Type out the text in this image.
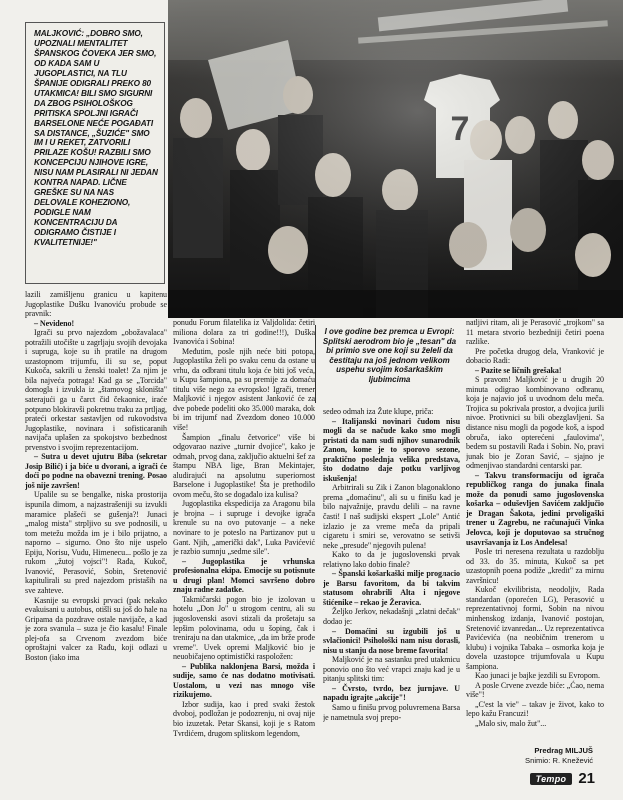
MALJKOVIĆ: „DOBRO SMO, UPOZNALI MENTALITET ŠPANSKOG ČOVEKA JER SMO, OD KADA SAM U JUGOPLASTICI, NA TLU ŠPANIJE ODIGRALI PREKO 80 UTAKMICA! BILI SMO SIGURNI DA ZBOG PSIHOLOŠKOG PRITISKA SPOLJNI IGRAČI BARSELONE NEĆE POGAĐATI SA DISTANCE, „ŠUZIĆE" SMO IM I U REKET, ZATVORILI PRILAZE KOŠU! RAZBILI SMO KONCEPCIJU NJIHOVE IGRE, NISU NAM PLASIRALI NI JEDAN KONTRA NAPAD. LIČNE GREŠKE SU NA NAS DELOVALE KOHEZIONO, PODIGLE NAM KONCENTRACIJU DA ODIGRAMO ČISTIJE I KVALITETNIJE!"

lazili zamišljenu granicu u kapitenu Jugoplastike Dušku Ivanoviću probude se pravnik:

– Nevideno!

Igrači su prvo najezdom „obožavalaca" potražili utočište u zagrljaju svojih devojaka i supruga, koje su ih pratile na drugom uzastopnom trijumfu, ili su se, poput Kukoča, sakrili u ženski toalet! Za njim je bila najveća potraga! Kad ga se „Torcida" domogla i izvukla iz „štamovog skloništa" saterajući ga u čarct čid čekaonice, iraće potpuno blokiravši pokretnu traku za prtljag, prateći orkestar sastavljen od rukovodstva Jugoplastike, novinara i sofisticaranih navijača uplašen za spokojstvo bezbednost prvenstvo i svojim reprezentacijom.

– Sutra u devet ujutru Biba (sekretar Josip Bilić) i ja biće u dvorani, a igrači će doći po podne na obavezni trening. Posao još nije završen!

Upalile su se bengalke, niska prostorija ispunila dimom, a najzastrašeniji su izvukli maramice plašeći se gušenja?! Junaci „malog mista" strpljivo su sve podnosili, u tom metežu možda im je i bilo prijatno, a naporno – sigurno. Ono što nije uspelo Epiju, Norisu, Vudu, Himeneсu... pošlo je za rukom „žutoj vojsci"! Rađa, Kukoč, Ivanović, Perasović, Sobin, Sretenović kapitulirali su pred najezdom pristaših na sve zahteve.

Kasnije su evropski prvaci (pak nekako evakuisani u autobus, otišli su još do hale na Gripama da pozdrave ostale naviјače, a kad je zora svanula – suza je čio kasalu! Finale plej-ofa sa Crvenom zvezdom biće oproštajni valcer za Rađu, koji odlazi u Boston (iako ima

ponudu Forum filatelika iz Valjdolida: četiri miliona dolara za tri godine!!!), Duška Ivanovića i Sobina!

Međutim, posle njih neće biti potopa, Jugoplastika želi po svaku cenu da ostane u vrhu, da odbrani titulu koja će biti još veća, u Kupu šampiona, pa su premije za domaću titulu više nego za evropsko! Igrači, trener Maljković i njegov asistent Janković će za dve pobede podeliti oko 35.000 maraka, dok bi im trijumf nad Zvezdom doneo 10.000 više!

Šampion „finalu četvorice" više bi odgovarao nazive „turnir dvojice", kako je odmah, prvog dana, zaključio aktuelni šef za štampu NBA lige, Bran Mekintajer, aludirajući na apsolutnu superiornost Barselone i Jugoplastike! Šta je prethodilo ovom meču, što se događalo iza kulisa?

Jugoplastika ekspedicija za Aragonu bila je brojna – i supruge i devojke igrača krenule su na ovo putovanje – a neke novinare to je poteslo na Partizanov put u Gant. Njih, „američki dak", Luka Pavićević je razbio sumnju „sedme sile".

– Jugoplastika je vrhunska profesionalna ekipa. Emocije su potisnute u drugi plan! Momci savršeno dobro znaju radne zadatke.

Takmičarski pogon bio je izolovan u hotelu „Don Jo" u strogom centru, ali su jugoslovenski asovi stizali da prošetaju sa lepšim polovinama, odu u šoping, čak i treniraju na dan utakmice, „da im brže prođe vreme". Uvek opremi Maljković bio je neuobičajeno optimistički raspoložen:

– Publika naklonjena Barsi, možda i sudije, samo će nas dodatno motivisati. Uostalom, u vezi nas mnogo više rizikujemo.

Izbor sudija, kao i pred svaki žestok dvoboj, podložan je podozrenju, ni ovaj nije bio izuzetak. Petar Skansi, koji je s Ratom Tvrdićem, drugom splitskom legendom,

I ove godine bez premca u Evropi: Splitski aerodrom bio je „tesan" da bi primio sve one koji su želeli da čestitaju na još jednom velikom uspehu svojim košarkaškim ljubimcima

sedeo odmah iza Žute klupe, priča:

– Italijanski novinari čudom nisu mogli da se načude kako smo mogli pristati da nam sudi njihov sunarodnik Zanon, kome je to sporovo sezone, praktično poslednja velika predstava, što dodatno daje potku varljivog iskušenja!

Arbitrirali su Zik i Zanon blagonaklono prema „domaćinu", ali su u finišu kad je bilo najvažnije, pravdu delili – na ravne časti! I naš sudijski ekspert „Lole" Antić izlazio je za vreme meča da pripali cigaretu i smiri se, verovatno se setivši neke „presude" njegovih pulena!

Kako to da je jugoslovenski prvak relativno lako dobio finale?

– Španski košarkaški milje progласio je Barsu favoritom, da bi takvim statusom ohrabrili Alta i njegove štićenike – rekao je Žeravica.

Željko Jerkov, nekadašnji „zlatni dečak" dodao je:

– Domaćini su izgubili još u svlačionici! Psihološki nam nisu dorasli, nisu u stanju da nose breme favorita!

Maljković je na sastanku pred utakmicu ponovio ono što već vrapci znaju kad je u pitanju splitski tim:

– Čvrsto, tvrdo, bez jurnjave. U napadu igrajte „akcije"!

Samo u finišu prvog poluvremena Barsa je nametnula svoj prepo-

natljivi ritam, ali je Perasović „trojkom" sa 11 metara stvorio bezbedniji četiri poena razlike.

Pre početka drugog dela, Vranković je dobacio Radi:

– Pazite se ličnih grešaka!

S pravom! Maljković je u drugih 20 minuta odigrao kombinovano odbranu, koja je najavio još u uvodnom delu meča. Trojica su pokrivala prostor, a dvojica jurili nivoe. Protivnici su bili obezglavljeni. Sa distance nisu mogli da pogode koš, a ispod obruča, iako opterećeni „faulovima", bedem su postavili Rađa i Sobin. No, pravi junak bio je Zoran Savić, – sjajno je odmenjivao standardni centarski par.

– Takvu transformaciju od igrača republičkog ranga do junaka finala može da ponudi samo jugoslovenska košarka – oduševljen Savićem zaključio je Dragan Šakota, jedini prvoligaški trener u Zagrebu, ne računajući Vinka Jelovca, koji je doputovao sa stručnog usavršavanja iz Los Anđelesa!

Posle tri neresena rezultata u razdoblju od 33. do 35. minuta, Kukoč sa pet uzastopnih poena podiže „kredit" za mirnu završnicu!

Kukoč ekvilibrista, neodoljiv, Rada standardan (oporećen LG), Perasović u reprezentativnoj formi, Sobin na nivou minhenskog izdanja, Ivanović postojan, Sretenović izvanredan... Uz reprezentativca Pavićevića (na neobičnim trenerom u klubu) i vojnika Tabaka – osmorka koja je dovela uzastopce trijumfovala u Kupu šampiona.

Kao junaci je bajke jezdili su Evropom.

A posle Crvene zvezde biće: „Ćao, nema više"!

„C'est la vie" – takav je život, kako to lepo kažu Francuzi!

„Malo siv, malo žut"...

Predrag MILJUŠ
Snimio: R. Knežević
Tempo 21
